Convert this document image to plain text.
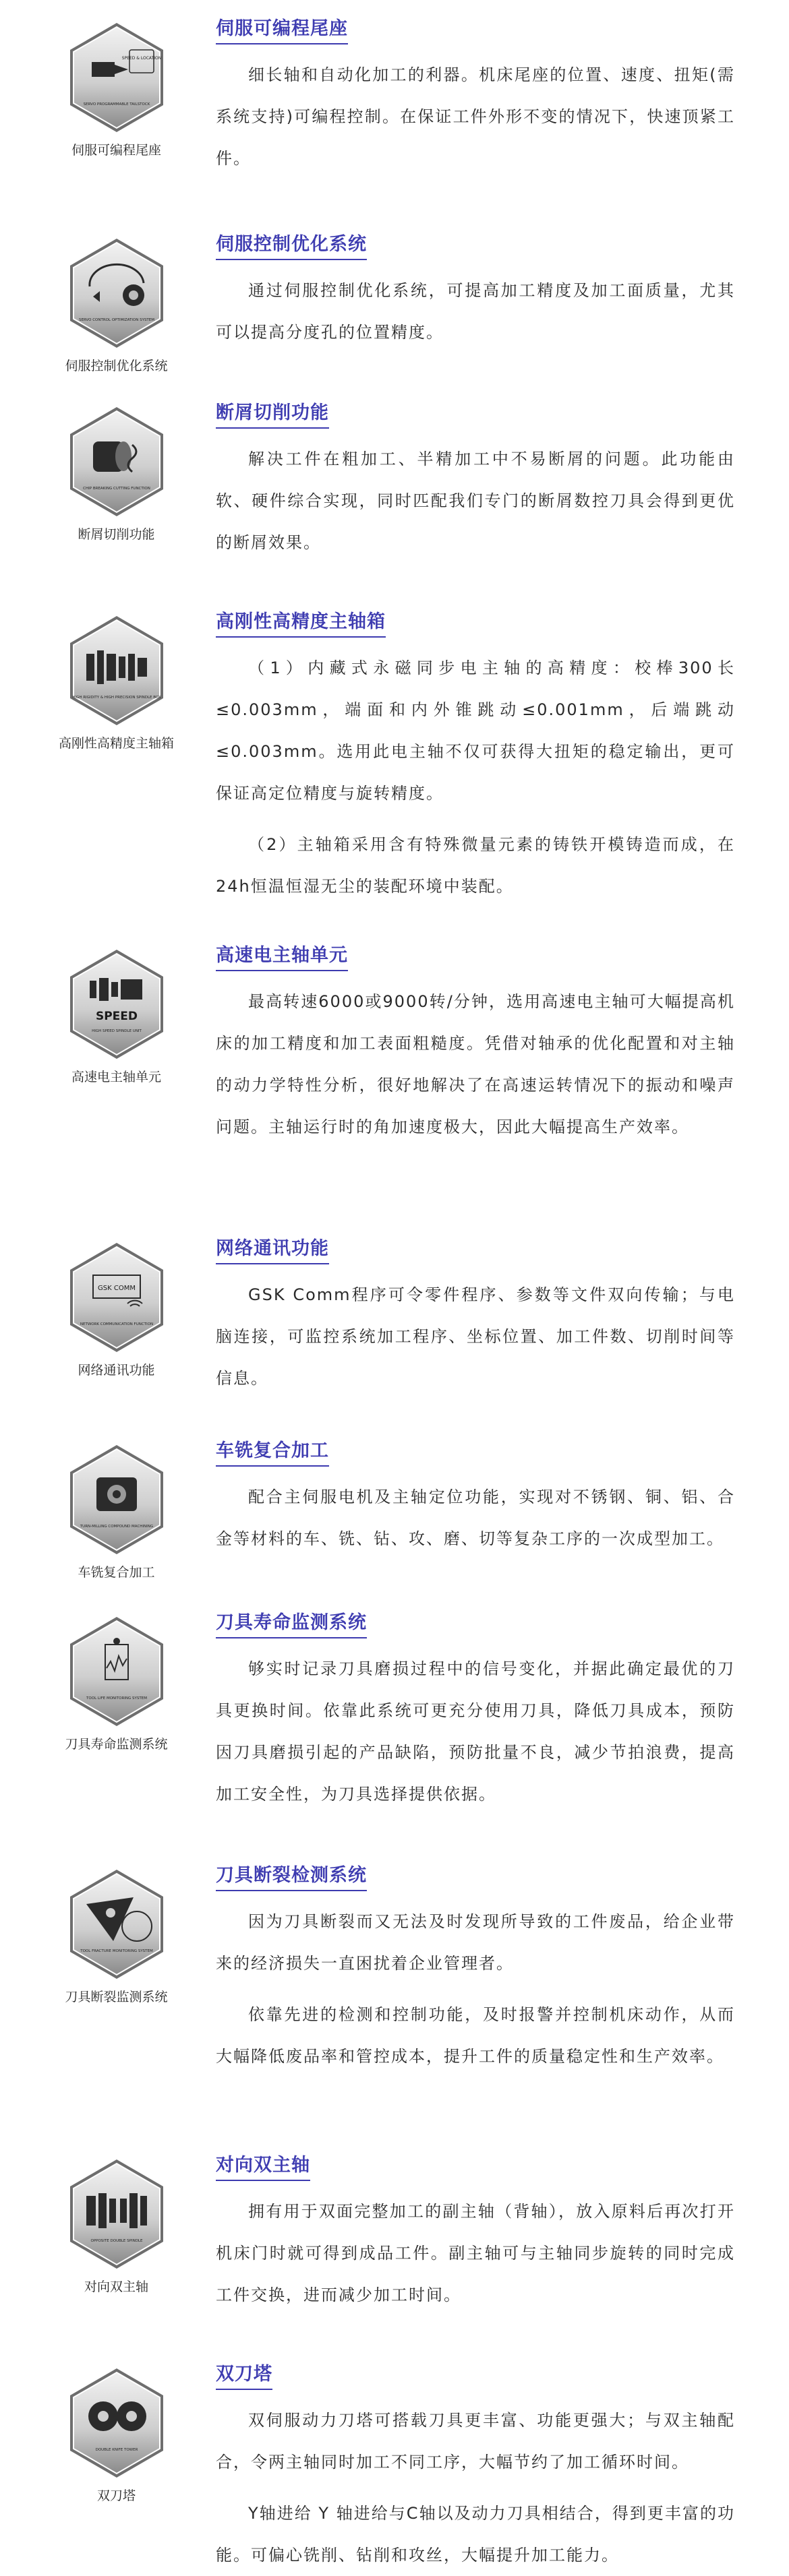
SERVO PROGRAMMABLE TAILSTOCK
SPEED & LOCATION
伺服可编程尾座
伺服可编程尾座

细长轴和自动化加工的利器。机床尾座的位置、速度、扭矩(需系统支持)可编程控制。在保证工件外形不变的情况下，快速顶紧工件。

SERVO CONTROL OPTIMIZATION SYSTEM
伺服控制优化系统
伺服控制优化系统

通过伺服控制优化系统，可提高加工精度及加工面质量，尤其可以提高分度孔的位置精度。

CHIP BREAKING CUTTING FUNCTION
断屑切削功能
断屑切削功能

解决工件在粗加工、半精加工中不易断屑的问题。此功能由软、硬件综合实现，同时匹配我们专门的断屑数控刀具会得到更优的断屑效果。

HIGH RIGIDITY & HIGH PRECISION SPINDLE BOX
高刚性高精度主轴箱
高刚性高精度主轴箱

（1）内藏式永磁同步电主轴的高精度：校棒300长≤0.003mm，端面和内外锥跳动≤0.001mm，后端跳动≤0.003mm。选用此电主轴不仅可获得大扭矩的稳定输出，更可保证高定位精度与旋转精度。

（2）主轴箱采用含有特殊微量元素的铸铁开模铸造而成，在24h恒温恒湿无尘的装配环境中装配。

SPEED
HIGH SPEED SPINDLE UNIT
高速电主轴单元
高速电主轴单元

最高转速6000或9000转/分钟，选用高速电主轴可大幅提高机床的加工精度和加工表面粗糙度。凭借对轴承的优化配置和对主轴的动力学特性分析，很好地解决了在高速运转情况下的振动和噪声问题。主轴运行时的角加速度极大，因此大幅提高生产效率。

GSK COMM
NETWORK COMMUNICATION FUNCTION
网络通讯功能
网络通讯功能

GSK Comm程序可令零件程序、参数等文件双向传输；与电脑连接，可监控系统加工程序、坐标位置、加工件数、切削时间等信息。

TURN-MILLING COMPOUND MACHINING
车铣复合加工
车铣复合加工

配合主伺服电机及主轴定位功能，实现对不锈钢、铜、铝、合金等材料的车、铣、钻、攻、磨、切等复杂工序的一次成型加工。

TOOL LIFE MONITORING SYSTEM
刀具寿命监测系统
刀具寿命监测系统

够实时记录刀具磨损过程中的信号变化，并据此确定最优的刀具更换时间。依靠此系统可更充分使用刀具，降低刀具成本，预防因刀具磨损引起的产品缺陷，预防批量不良，减少节拍浪费，提高加工安全性，为刀具选择提供依据。

TOOL FRACTURE MONITORING SYSTEM
刀具断裂监测系统
刀具断裂检测系统

因为刀具断裂而又无法及时发现所导致的工件废品，给企业带来的经济损失一直困扰着企业管理者。

依靠先进的检测和控制功能，及时报警并控制机床动作，从而大幅降低废品率和管控成本，提升工件的质量稳定性和生产效率。

OPPOSITE DOUBLE SPINDLE
对向双主轴
对向双主轴

拥有用于双面完整加工的副主轴（背轴），放入原料后再次打开机床门时就可得到成品工件。副主轴可与主轴同步旋转的同时完成工件交换，进而减少加工时间。

DOUBLE KNIFE TOWER
双刀塔
双刀塔

双伺服动力刀塔可搭载刀具更丰富、功能更强大；与双主轴配合，令两主轴同时加工不同工序，大幅节约了加工循环时间。

Y轴进给 Y 轴进给与C轴以及动力刀具相结合，得到更丰富的功能。可偏心铣削、钻削和攻丝，大幅提升加工能力。
